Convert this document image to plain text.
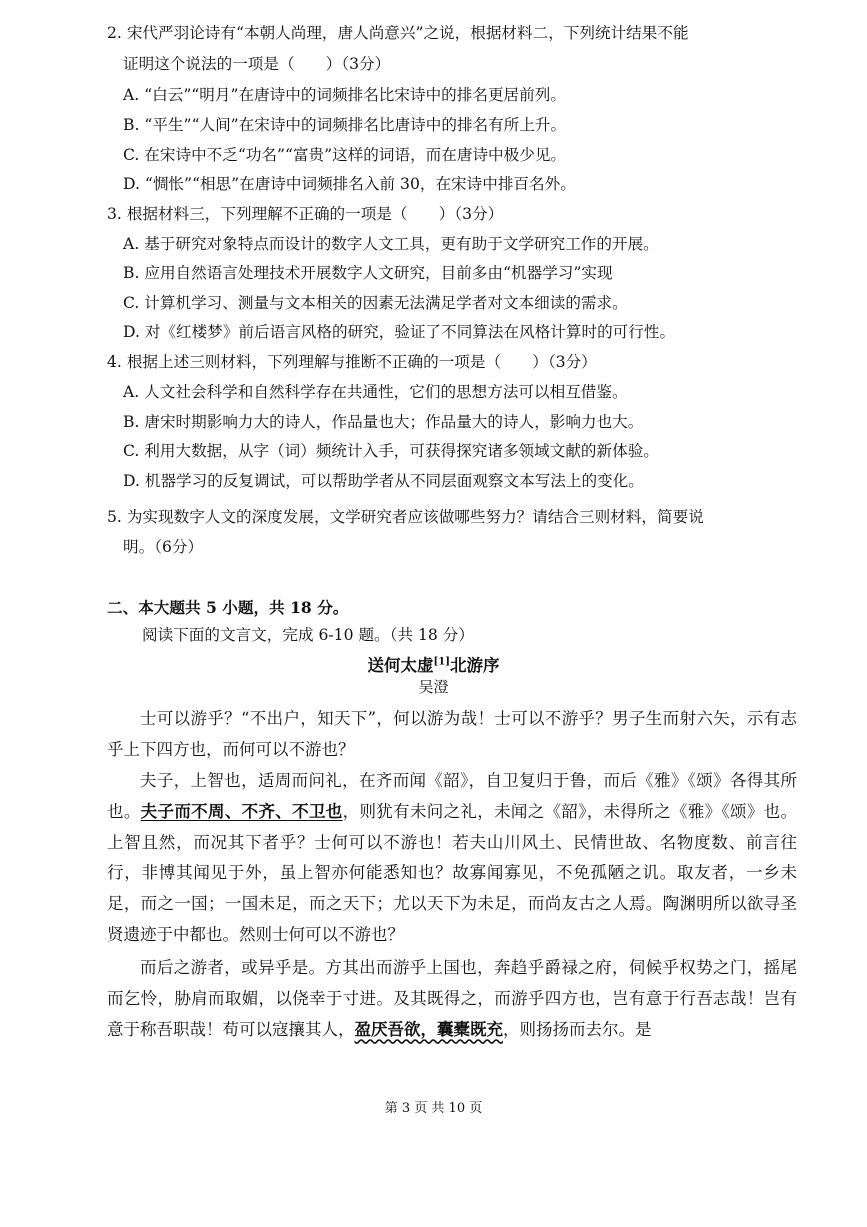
2. 宋代严羽论诗有“本朝人尚理，唐人尚意兴”之说，根据材料二，下列统计结果不能
证明这个说法的一项是（　　）（3分）
A. “白云”“明月”在唐诗中的词频排名比宋诗中的排名更居前列。
B. “平生”“人间”在宋诗中的词频排名比唐诗中的排名有所上升。
C. 在宋诗中不乏“功名”“富贵”这样的词语，而在唐诗中极少见。
D. “惆怅”“相思”在唐诗中词频排名入前 30，在宋诗中排百名外。
3. 根据材料三，下列理解不正确的一项是（　　）（3分）
A. 基于研究对象特点而设计的数字人文工具，更有助于文学研究工作的开展。
B. 应用自然语言处理技术开展数字人文研究，目前多由“机器学习”实现
C. 计算机学习、测量与文本相关的因素无法满足学者对文本细读的需求。
D. 对《红楼梦》前后语言风格的研究，验证了不同算法在风格计算时的可行性。
4. 根据上述三则材料，下列理解与推断不正确的一项是（　　）（3分）
A. 人文社会科学和自然科学存在共通性，它们的思想方法可以相互借鉴。
B. 唐宋时期影响力大的诗人，作品量也大；作品量大的诗人，影响力也大。
C. 利用大数据，从字（词）频统计入手，可获得探究诸多领域文献的新体验。
D. 机器学习的反复调试，可以帮助学者从不同层面观察文本写法上的变化。
5. 为实现数字人文的深度发展，文学研究者应该做哪些努力？请结合三则材料，简要说
明。（6分）
二、本大题共 5 小题，共 18 分。
阅读下面的文言文，完成 6-10 题。（共 18 分）
送何太虚[1]北游序
吴澄
士可以游乎？“不出户，知天下”，何以游为哉！士可以不游乎？男子生而射六矢，示有志乎上下四方也，而何可以不游也？
夫子，上智也，适周而问礼，在齐而闻《韶》，自卫复归于鲁，而后《雅》《颂》各得其所也。夫子而不周、不齐、不卫也，则犹有未问之礼，未闻之《韶》，未得所之《雅》《颂》也。上智且然，而况其下者乎？士何可以不游也！若夫山川风土、民情世故、名物度数、前言往行，非博其闻见于外，虽上智亦何能悉知也？故寡闻寡见，不免孤陋之讥。取友者，一乡未足，而之一国；一国未足，而之天下；尤以天下为未足，而尚友古之人焉。陶渊明所以欲寻圣贤遗迹于中都也。然则士何可以不游也？
而后之游者，或异乎是。方其出而游乎上国也，奔趋乎爵禄之府，伺候乎权势之门，摇尾而乞怜，胁肩而取媚，以侥幸于寸进。及其既得之，而游乎四方也，岂有意于行吾志哉！岂有意于称吾职哉！苟可以寇攘其人，盈厌吾欲，囊橐既充，则扬扬而去尔。是
第 3 页 共 10 页
